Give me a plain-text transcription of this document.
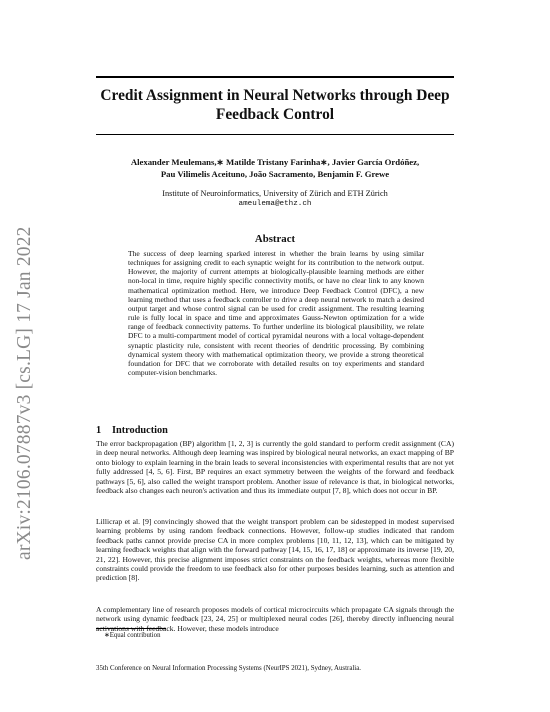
arXiv:2106.07887v3 [cs.LG] 17 Jan 2022
Credit Assignment in Neural Networks through Deep Feedback Control
Alexander Meulemans,∗ Matilde Tristany Farinha∗, Javier García Ordóñez,
Pau Vilimelis Aceituno, João Sacramento, Benjamin F. Grewe
Institute of Neuroinformatics, University of Zürich and ETH Zürich
ameulema@ethz.ch
Abstract

The success of deep learning sparked interest in whether the brain learns by using similar techniques for assigning credit to each synaptic weight for its contribution to the network output. However, the majority of current attempts at biologically-plausible learning methods are either non-local in time, require highly specific connectivity motifs, or have no clear link to any known mathematical optimization method. Here, we introduce Deep Feedback Control (DFC), a new learning method that uses a feedback controller to drive a deep neural network to match a desired output target and whose control signal can be used for credit assignment. The resulting learning rule is fully local in space and time and approximates Gauss-Newton optimization for a wide range of feedback connectivity patterns. To further underline its biological plausibility, we relate DFC to a multi-compartment model of cortical pyramidal neurons with a local voltage-dependent synaptic plasticity rule, consistent with recent theories of dendritic processing. By combining dynamical system theory with mathematical optimization theory, we provide a strong theoretical foundation for DFC that we corroborate with detailed results on toy experiments and standard computer-vision benchmarks.

1 Introduction

The error backpropagation (BP) algorithm [1, 2, 3] is currently the gold standard to perform credit assignment (CA) in deep neural networks. Although deep learning was inspired by biological neural networks, an exact mapping of BP onto biology to explain learning in the brain leads to several inconsistencies with experimental results that are not yet fully addressed [4, 5, 6]. First, BP requires an exact symmetry between the weights of the forward and feedback pathways [5, 6], also called the weight transport problem. Another issue of relevance is that, in biological networks, feedback also changes each neuron's activation and thus its immediate output [7, 8], which does not occur in BP.

Lillicrap et al. [9] convincingly showed that the weight transport problem can be sidestepped in modest supervised learning problems by using random feedback connections. However, follow-up studies indicated that random feedback paths cannot provide precise CA in more complex problems [10, 11, 12, 13], which can be mitigated by learning feedback weights that align with the forward pathway [14, 15, 16, 17, 18] or approximate its inverse [19, 20, 21, 22]. However, this precise alignment imposes strict constraints on the feedback weights, whereas more flexible constraints could provide the freedom to use feedback also for other purposes besides learning, such as attention and prediction [8].

A complementary line of research proposes models of cortical microcircuits which propagate CA signals through the network using dynamic feedback [23, 24, 25] or multiplexed neural codes [26], thereby directly influencing neural activations with feedback. However, these models introduce

∗Equal contribution
35th Conference on Neural Information Processing Systems (NeurIPS 2021), Sydney, Australia.
